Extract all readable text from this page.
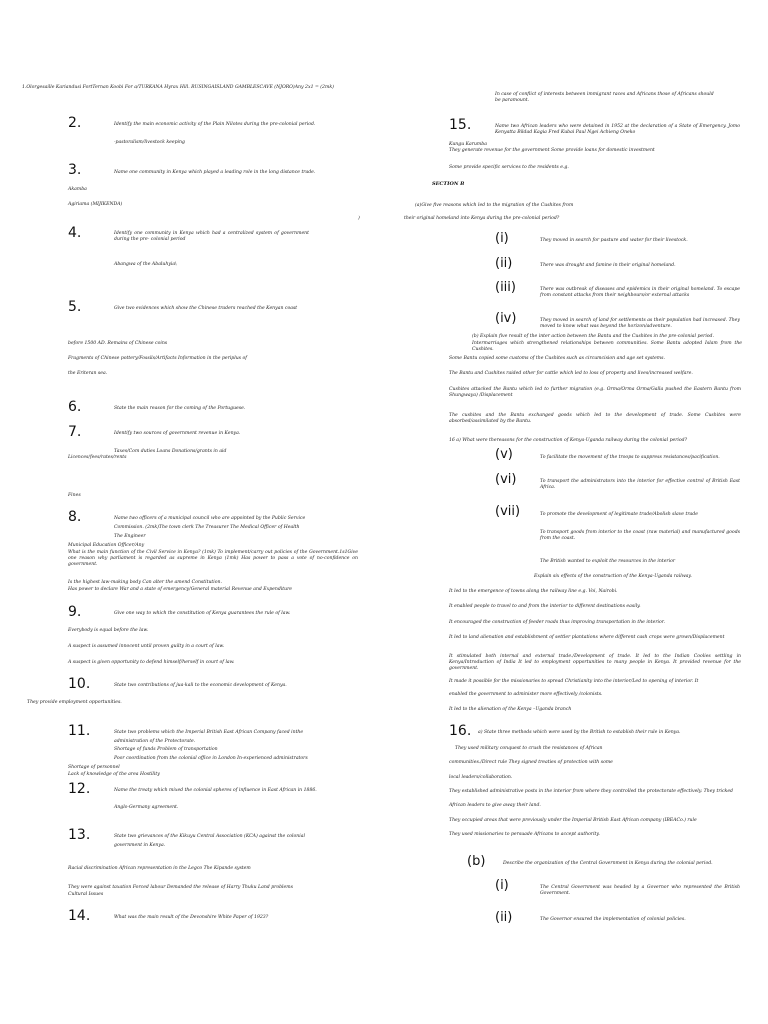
1.Olorgesaille Kariandusi FortTernan Koobi For a/TURKANA Hyrax Hill. RUSINGAISLAND GAMBLESCAVE (NJORO)Any 2x1 = (2mk)
2.	Identify the main economic activity of the Plain Nilotes during the pre-colonial period.
-pastoralism/livestock keeping
3.	Name one community in Kenya which played a leading role in the long distance trade.
Akamba
Agiriama (MIJIKENDA)
4.	Identify one community in Kenya which had a centralized system of government during the pre- colonial period
Abangwa of the Abaluhyia\
5.	Give two evidences which show the Chinese traders reached the Kenyan coast
before 1500 AD. Remains of Chinese coins
Fragments of Chinese pottery/Fossils/Artifacts Information in the periplus of
the Eriteran sea.
6.	State the main reason for the coming of the Portuguese.
7.	Identify two sources of government revenue in Kenya.
Taxes/Com duties Loans Donations/grants in aid
Licences/fees/rates/rents
Fines
8.	Name two officers of a municipal council who are appointed by the Public Service
Commission. (2mk)The town clerk The Treasurer The Medical Officer of Health
The Engineer
Municipal Education Officer/Any
What is the main function of the Civil Service in Kenya? (1mk) To implement/carry out policies of the Government.1s1Give one reason why parliament is regarded as supreme in Kenya (1mk) Has power to pass a vote of no-confidence on government.
Is the highest law-making body Can alter the amend Constitution.
Has power to declare War and a state of emergency/General material Revenue and Expenditure
9.	Give one way to which the constitution of Kenya guarantees the rule of law.
Everybody is equal before the law.
A suspect is assumed innocent until proven guilty in a court of law.
A suspect is given opportunity to defend himself/herself in court of law.
10.	State two contributions of jua-kali to the economic development of Kenya.
They provide employment opportunities.
11.	State two problems which the Imperial British East African Company faced inthe
administration of the Protectorate.
Shortage of funds Problem of transportation
Poor coordination from the colonial office in London In-experienced administrators
Shortage of personnel
Lack of knowledge of the area Hostility
12.	Name the treaty which mixed the colonial spheres of influence in East African in 1886.
Anglo-Germany agreement.
13.	State two grievances of the Kikuyu Central Association (KCA) against the colonial
government in Kenya.
Racial discrimination African representation in the Legco The Kipande system
They were against taxation Forced labour Demanded the release of Harry Thuku Land problems
Cultural Issues
14.	What was the main result of the Devonshire White Paper of 1923?
In case of conflict of interests between immigrant races and Africans those of Africans should be paramount.
15.	Name two African leaders who were detained in 1952 at the declaration of a State of Emergency. Jomo Kenyatta Bildad Kagia Fred Kubai Paul Ngei Achieng Oneko
Kungu Karumba
They generate revenue for the government Some provide loans for domestic investment
Some provide specific services to the residents e.g.
SECTION B
(a)Give five reasons which led to the migration of the Cushites from
)	their original homeland into Kenya during the pre-colonial period?
(i)	They moved in search for pasture and water for their livestock.
(ii)	There was drought and famine in their original homeland.
(iii)	There was outbreak of diseases and epidemics in their original homeland. To escape from constant attacks from their neighbours/or external attacks
(iv)	They moved in search of land for settlements as their population had increased. They moved to know what was beyond the horizon/adventure.
(b) Explain five result of the inter action between the Bantu and the Cushites in the pre-colonial period.
Intermarriages which strengthened relationships between communities. Some Bantu adopted Islam from the Cushites.
Some Bantu copied some customs of the Cushites such as circumcision and age set systems.
The Bantu and Cushites raided other for cattle which led to loss of property and lives/increased welfare.
Cushites attacked the Bantu which led to further migration (e.g. Orma/Orma Orma/Galla pushed the Eastern Bantu from Shungwaya) /Displacement
The cushites and the Bantu exchanged goods which led to the development of trade. Some Cushites were absorbed/assimilated by the Bantu.
16 a) What were thereasons for the construction of Kenya-Uganda railway during the colonial period?
(v)	To facilitate the movement of the troops to suppress resistances/pacification.
(vi)	To transport the administrators into the interior for effective control of British East Africa.
(vii)	To promote the development of legitimate trade/Abolish slave trade
To transport goods from interior to the coast (raw material) and manufactured goods from the coast.
The British wanted to exploit the resources in the interior
Explain six effects of the construction of the Kenya-Uganda railway.
It led to the emergence of towns along the railway line e.g. Voi, Nairobi.
It enabled people to travel to and from the interior to different destinations easily.
It encouraged the construction of feeder roads thus improving transportation in the interior.
It led to land alienation and establishment of settler plantations where different cash crops were grown/Displacement
It stimulated both internal and external trade./Development of trade. It led to the Indian Coolies settling in Kenya/Introduction of India It led to employment opportunities to many people in Kenya. It provided revenue for the government.
It made it possible for the missionaries to spread Christianity into the interior/Led to opening of interior. It
enabled the government to administer more effectively /colonists.
It led to the alienation of the Kenya –Uganda branch
16. a) State three methods which were used by the British to establish their rule in Kenya.
They used military conquest to crush the resistances of African
communities./Direct rule They signed treaties of protection with some
local leaders/collaboration.
They established administrative posts in the interior from where they controlled the protectorate effectively. They tricked
African leaders to give away their land.
They occupied areas that were previously under the Imperial British East African company (IBEACo.) rule
They used missionaries to persuade Africans to accept authority.
(b)	Describe the organization of the Central Government in Kenya during the colonial period.
(i)	The Central Government was headed by a Governor who represented the British Government.
(ii)	The Governor ensured the implementation of colonial policies.
